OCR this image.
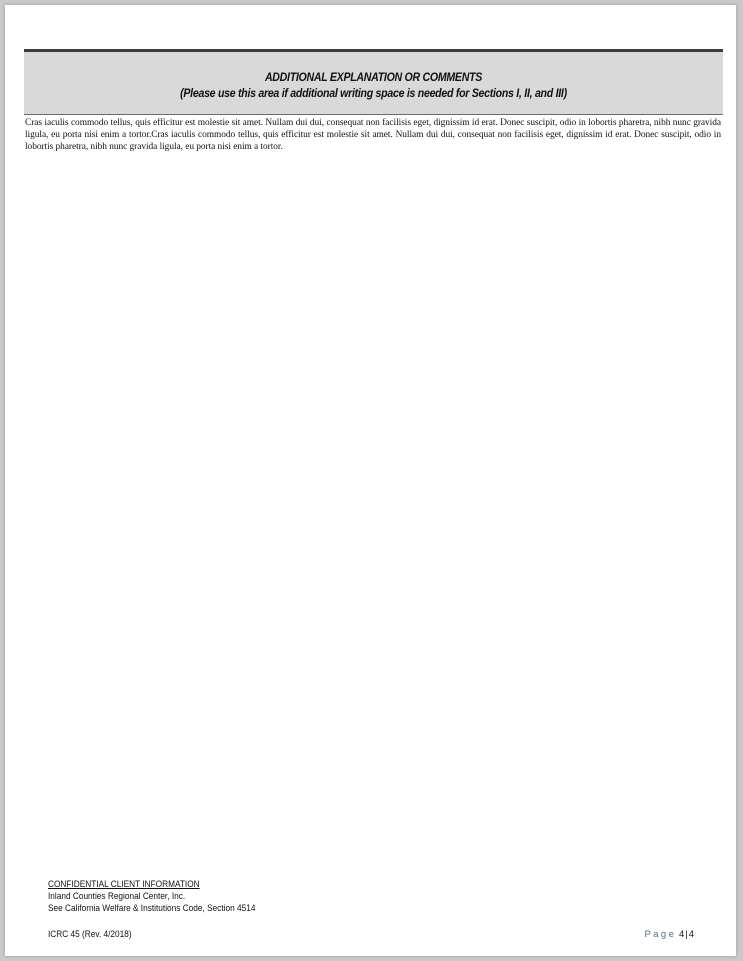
ADDITIONAL EXPLANATION OR COMMENTS
(Please use this area if additional writing space is needed for Sections I, II, and III)
Cras iaculis commodo tellus, quis efficitur est molestie sit amet. Nullam dui dui, consequat non facilisis eget, dignissim id erat. Donec suscipit, odio in lobortis pharetra, nibh nunc gravida ligula, eu porta nisi enim a tortor.Cras iaculis commodo tellus, quis efficitur est molestie sit amet. Nullam dui dui, consequat non facilisis eget, dignissim id erat. Donec suscipit, odio in lobortis pharetra, nibh nunc gravida ligula, eu porta nisi enim a tortor.
CONFIDENTIAL CLIENT INFORMATION
Inland Counties Regional Center, Inc.
See California Welfare & Institutions Code, Section 4514
ICRC 45 (Rev. 4/2018)	Page 4|4
